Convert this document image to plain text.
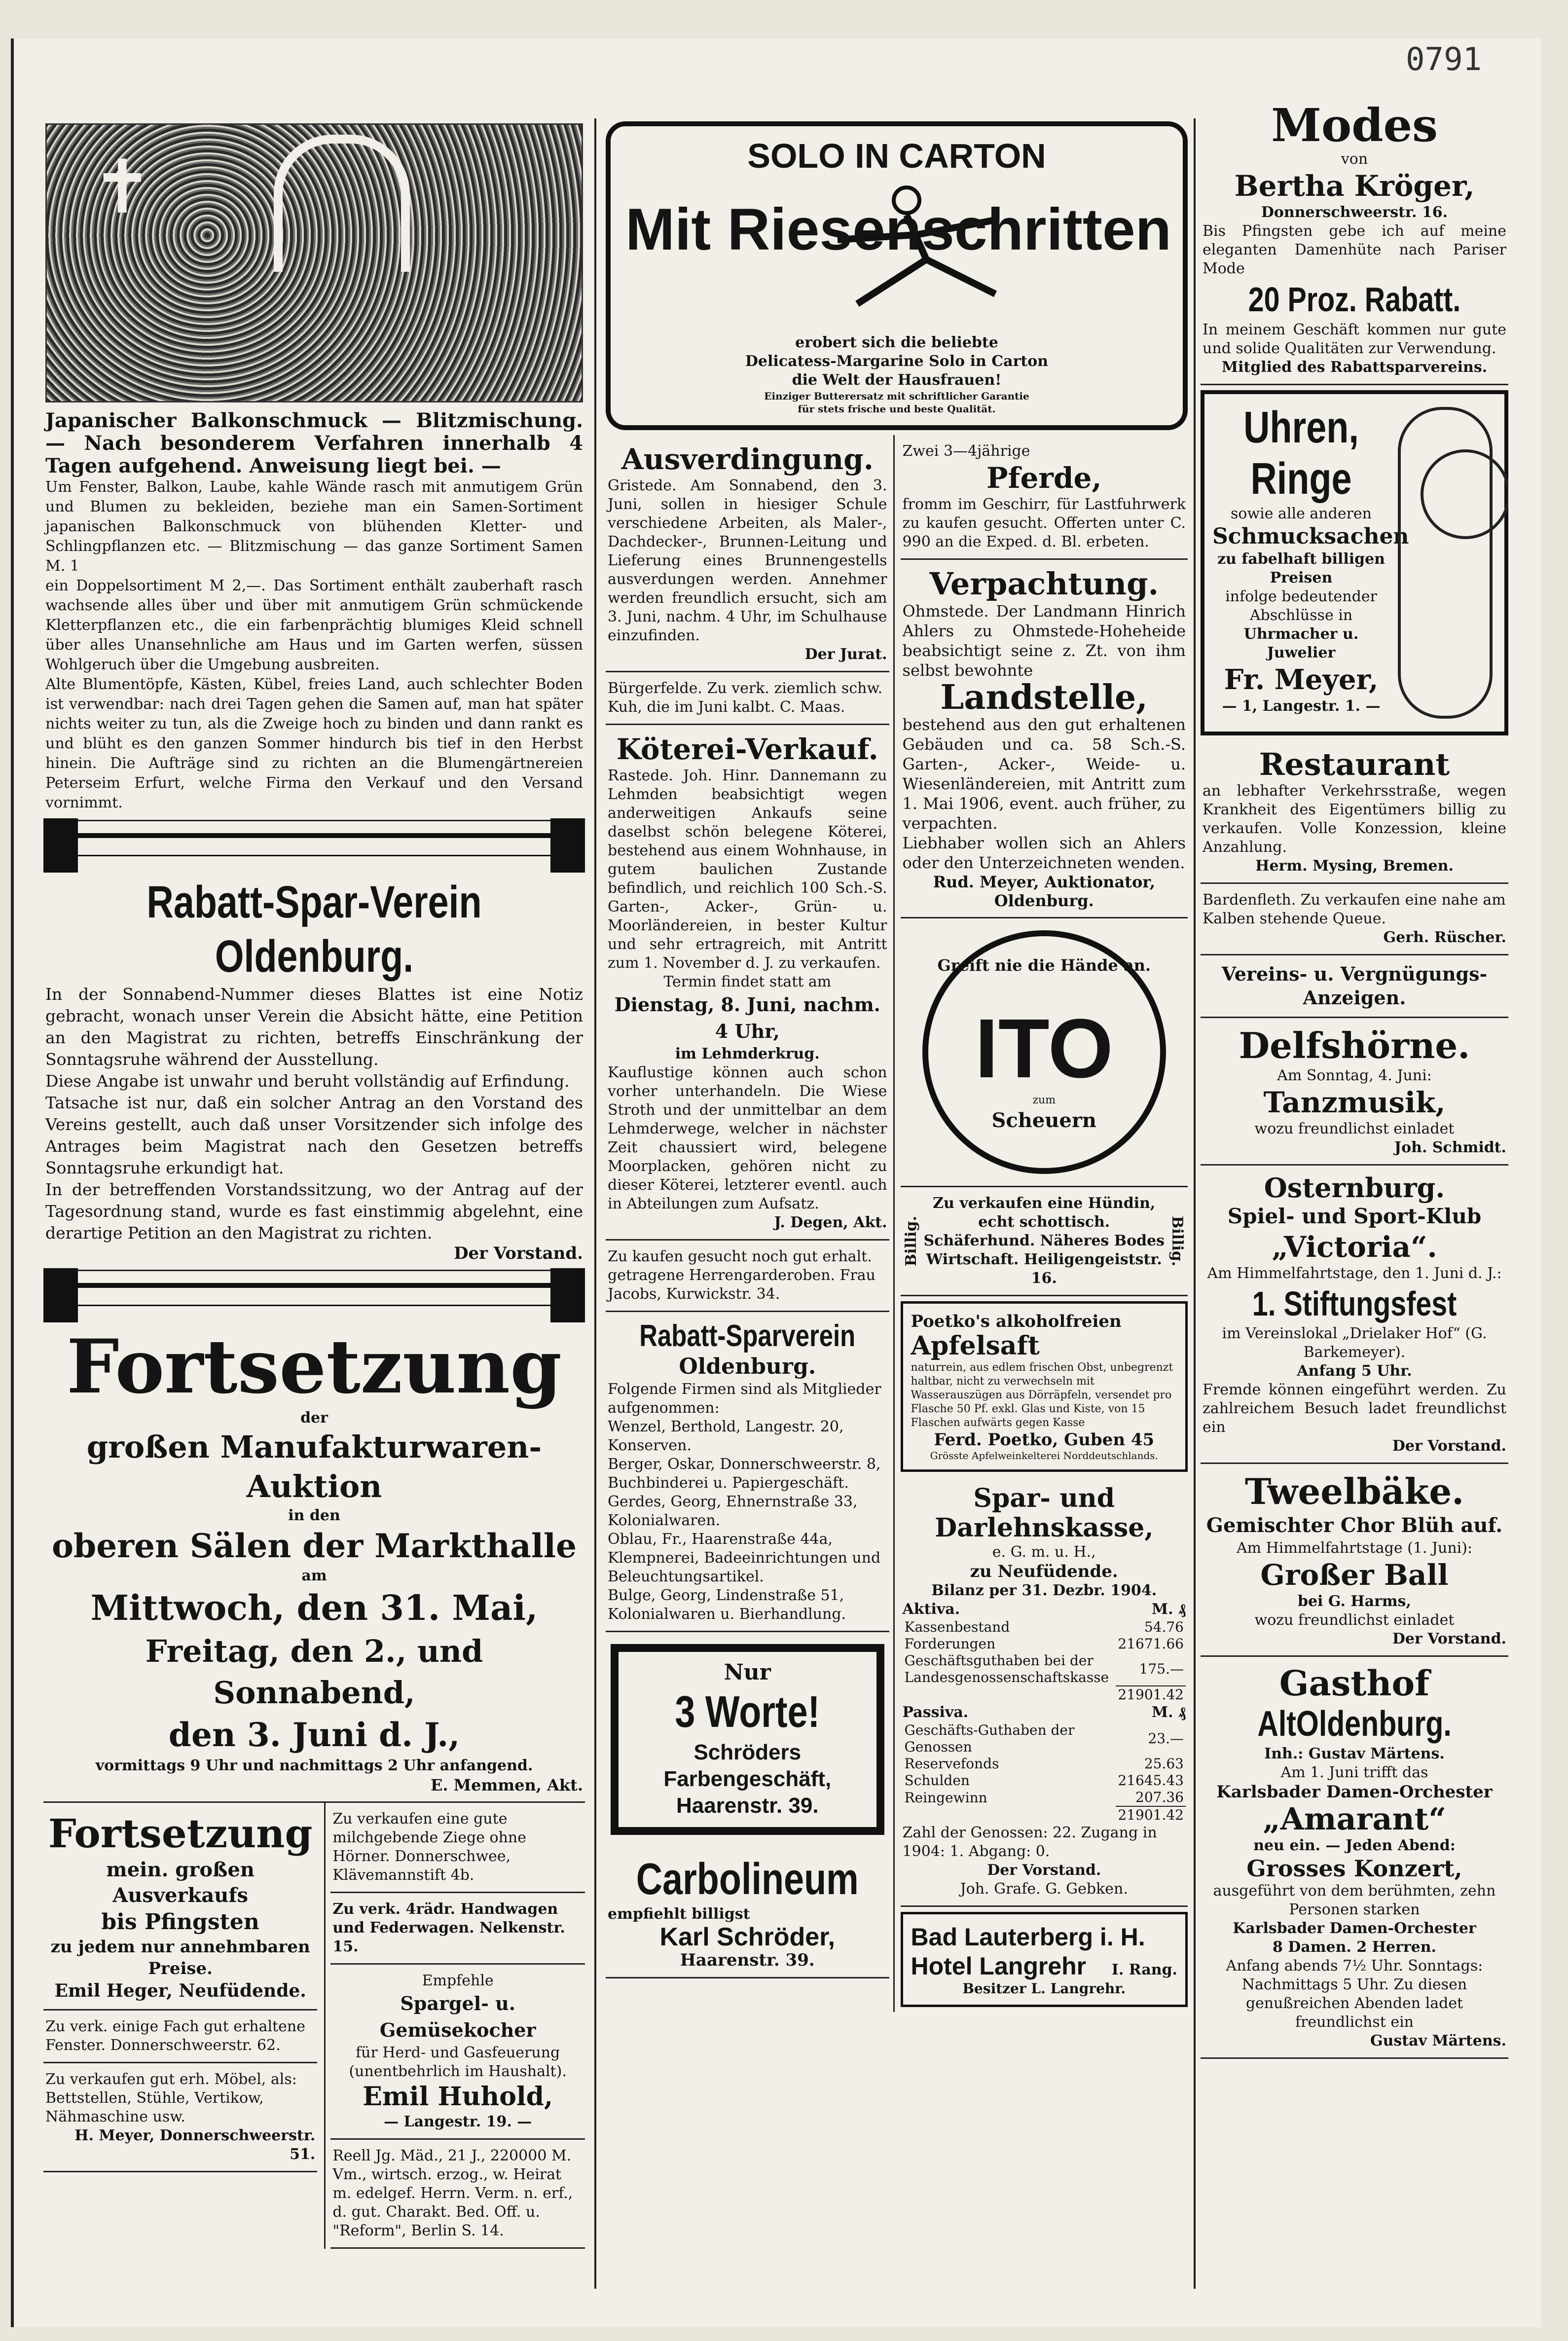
0791
✝
Japanischer Balkonschmuck — Blitzmischung. — Nach besonderem Verfahren innerhalb 4 Tagen aufgehend. Anweisung liegt bei. —
Um Fenster, Balkon, Laube, kahle Wände rasch mit anmutigem Grün und Blumen zu bekleiden, beziehe man ein Samen-Sortiment japanischen Balkonschmuck von blühenden Kletter- und Schlingpflanzen etc. — Blitzmischung — das ganze Sortiment Samen M. 1
ein Doppelsortiment M 2,—. Das Sortiment enthält zauberhaft rasch wachsende alles über und über mit anmutigem Grün schmückende Kletterpflanzen etc., die ein farbenprächtig blumiges Kleid schnell über alles Unansehnliche am Haus und im Garten werfen, süssen Wohlgeruch über die Umgebung ausbreiten.
Alte Blumentöpfe, Kästen, Kübel, freies Land, auch schlechter Boden ist verwendbar: nach drei Tagen gehen die Samen auf, man hat später nichts weiter zu tun, als die Zweige hoch zu binden und dann rankt es und blüht es den ganzen Sommer hindurch bis tief in den Herbst hinein. Die Aufträge sind zu richten an die Blumengärtnereien Peterseim Erfurt, welche Firma den Verkauf und den Versand vornimmt.
Rabatt-Spar-Verein Oldenburg.
In der Sonnabend-Nummer dieses Blattes ist eine Notiz gebracht, wonach unser Verein die Absicht hätte, eine Petition an den Magistrat zu richten, betreffs Einschränkung der Sonntagsruhe während der Ausstellung.
Diese Angabe ist unwahr und beruht vollständig auf Erfindung.
Tatsache ist nur, daß ein solcher Antrag an den Vorstand des Vereins gestellt, auch daß unser Vorsitzender sich infolge des Antrages beim Magistrat nach den Gesetzen betreffs Sonntagsruhe erkundigt hat.
In der betreffenden Vorstandssitzung, wo der Antrag auf der Tagesordnung stand, wurde es fast einstimmig abgelehnt, eine derartige Petition an den Magistrat zu richten.
Der Vorstand.
Fortsetzung
der
großen Manufakturwaren-Auktion
in den
oberen Sälen der Markthalle
am
Mittwoch, den 31. Mai,
Freitag, den 2., und Sonnabend,
den 3. Juni d. J.,
vormittags 9 Uhr und nachmittags 2 Uhr anfangend.
E. Memmen, Akt.
Fortsetzung
mein. großen Ausverkaufs
bis Pfingsten
zu jedem nur annehmbaren Preise.
Emil Heger, Neufüdende.
Zu verk. einige Fach gut erhaltene Fenster. Donnerschweerstr. 62.
Zu verkaufen gut erh. Möbel, als: Bettstellen, Stühle, Vertikow, Nähmaschine usw.
H. Meyer, Donnerschweerstr. 51.
Zu verkaufen eine gute milchgebende Ziege ohne Hörner. Donnerschwee, Klävemannstift 4b.
Zu verk. 4rädr. Handwagen und Federwagen. Nelkenstr. 15.
Empfehle
Spargel- u. Gemüsekocher
für Herd- und Gasfeuerung (unentbehrlich im Haushalt).
Emil Huhold,
— Langestr. 19. —
Reell Jg. Mäd., 21 J., 220000 M. Vm., wirtsch. erzog., w. Heirat m. edelgef. Herrn. Verm. n. erf., d. gut. Charakt. Bed. Off. u. "Reform", Berlin S. 14.
SOLO IN CARTON
Mit Riesenschritten
erobert sich die beliebte
Delicatess-Margarine Solo in Carton
die Welt der Hausfrauen!
Einziger Butterersatz mit schriftlicher Garantie
für stets frische und beste Qualität.
Ausverdingung.
Gristede. Am Sonnabend, den 3. Juni, sollen in hiesiger Schule verschiedene Arbeiten, als Maler-, Dachdecker-, Brunnen-Leitung und Lieferung eines Brunnengestells ausverdungen werden. Annehmer werden freundlich ersucht, sich am 3. Juni, nachm. 4 Uhr, im Schulhause einzufinden.
Der Jurat.
Bürgerfelde. Zu verk. ziemlich schw. Kuh, die im Juni kalbt. C. Maas.
Köterei-Verkauf.
Rastede. Joh. Hinr. Dannemann zu Lehmden beabsichtigt wegen anderweitigen Ankaufs seine daselbst schön belegene Köterei, bestehend aus einem Wohnhause, in gutem baulichen Zustande befindlich, und reichlich 100 Sch.-S. Garten-, Acker-, Grün- u. Moorländereien, in bester Kultur und sehr ertragreich, mit Antritt zum 1. November d. J. zu verkaufen.
Termin findet statt am
Dienstag, 8. Juni, nachm. 4 Uhr,
im Lehmderkrug.
Kauflustige können auch schon vorher unterhandeln. Die Wiese Stroth und der unmittelbar an dem Lehmderwege, welcher in nächster Zeit chaussiert wird, belegene Moorplacken, gehören nicht zu dieser Köterei, letzterer eventl. auch in Abteilungen zum Aufsatz.
J. Degen, Akt.
Zu kaufen gesucht noch gut erhalt. getragene Herrengarderoben. Frau Jacobs, Kurwickstr. 34.
Rabatt-Sparverein
Oldenburg.
Folgende Firmen sind als Mitglieder aufgenommen:
Wenzel, Berthold, Langestr. 20, Konserven.
Berger, Oskar, Donnerschweerstr. 8, Buchbinderei u. Papiergeschäft.
Gerdes, Georg, Ehnernstraße 33, Kolonialwaren.
Oblau, Fr., Haarenstraße 44a, Klempnerei, Badeeinrichtungen und Beleuchtungsartikel.
Bulge, Georg, Lindenstraße 51, Kolonialwaren u. Bierhandlung.
Nur
3 Worte!
Schröders
Farbengeschäft,
Haarenstr. 39.
Carbolineum
empfiehlt billigst
Karl Schröder,
Haarenstr. 39.
Zwei 3—4jährige
Pferde,
fromm im Geschirr, für Lastfuhrwerk zu kaufen gesucht. Offerten unter C. 990 an die Exped. d. Bl. erbeten.
Verpachtung.
Ohmstede. Der Landmann Hinrich Ahlers zu Ohmstede-Hoheheide beabsichtigt seine z. Zt. von ihm selbst bewohnte
Landstelle,
bestehend aus den gut erhaltenen Gebäuden und ca. 58 Sch.-S. Garten-, Acker-, Weide- u. Wiesenländereien, mit Antritt zum 1. Mai 1906, event. auch früher, zu verpachten.
Liebhaber wollen sich an Ahlers oder den Unterzeichneten wenden.
Rud. Meyer, Auktionator, Oldenburg.
Greift nie die Hände an.
ITO
zum
Scheuern
Billig.
Zu verkaufen eine Hündin, echt schottisch. Schäferhund. Näheres Bodes Wirtschaft. Heiligengeiststr. 16.
Billig.
Poetko's alkoholfreien
Apfelsaft
naturrein, aus edlem frischen Obst, unbegrenzt haltbar, nicht zu verwechseln mit Wasserauszügen aus Dörräpfeln, versendet pro Flasche 50 Pf. exkl. Glas und Kiste, von 15 Flaschen aufwärts gegen Kasse
Ferd. Poetko, Guben 45
Grösste Apfelweinkelterei Norddeutschlands.
Spar- und
Darlehnskasse,
e. G. m. u. H.,
zu Neufüdende.
Bilanz per 31. Dezbr. 1904.
Aktiva.	M. ₰
Kassenbestand	54.76
Forderungen	21671.66
Geschäftsguthaben bei der Landesgenossenschaftskasse	175.—
	21901.42
Passiva.	M. ₰
Geschäfts-Guthaben der Genossen	23.—
Reservefonds	25.63
Schulden	21645.43
Reingewinn	207.36
	21901.42
Zahl der Genossen: 22. Zugang in 1904: 1. Abgang: 0.
Der Vorstand.
Joh. Grafe. G. Gebken.
Bad Lauterberg i. H.
Hotel Langrehr I. Rang.
Besitzer L. Langrehr.
Modes
von
Bertha Kröger,
Donnerschweerstr. 16.
Bis Pfingsten gebe ich auf meine eleganten Damenhüte nach Pariser Mode
20 Proz. Rabatt.
In meinem Geschäft kommen nur gute und solide Qualitäten zur Verwendung.
Mitglied des Rabattsparvereins.
Uhren,
Ringe
sowie alle anderen
Schmucksachen
zu fabelhaft billigen
Preisen
infolge bedeutender Abschlüsse in
Uhrmacher u. Juwelier
Fr. Meyer,
— 1, Langestr. 1. —
Restaurant
an lebhafter Verkehrsstraße, wegen Krankheit des Eigentümers billig zu verkaufen. Volle Konzession, kleine Anzahlung.
Herm. Mysing, Bremen.
Bardenfleth. Zu verkaufen eine nahe am Kalben stehende Queue.
Gerh. Rüscher.
Vereins- u. Vergnügungs-Anzeigen.
Delfshörne.
Am Sonntag, 4. Juni:
Tanzmusik,
wozu freundlichst einladet
Joh. Schmidt.
Osternburg.
Spiel- und Sport-Klub
„Victoria“.
Am Himmelfahrtstage, den 1. Juni d. J.:
1. Stiftungsfest
im Vereinslokal „Drielaker Hof“ (G. Barkemeyer).
Anfang 5 Uhr.
Fremde können eingeführt werden. Zu zahlreichem Besuch ladet freundlichst ein
Der Vorstand.
Tweelbäke.
Gemischter Chor Blüh auf.
Am Himmelfahrtstage (1. Juni):
Großer Ball
bei G. Harms,
wozu freundlichst einladet
Der Vorstand.
Gasthof
AltOldenburg.
Inh.: Gustav Märtens.
Am 1. Juni trifft das
Karlsbader Damen-Orchester
„Amarant“
neu ein. — Jeden Abend:
Grosses Konzert,
ausgeführt von dem berühmten, zehn Personen starken
Karlsbader Damen-Orchester
8 Damen. 2 Herren.
Anfang abends 7½ Uhr. Sonntags: Nachmittags 5 Uhr. Zu diesen genußreichen Abenden ladet freundlichst ein
Gustav Märtens.
